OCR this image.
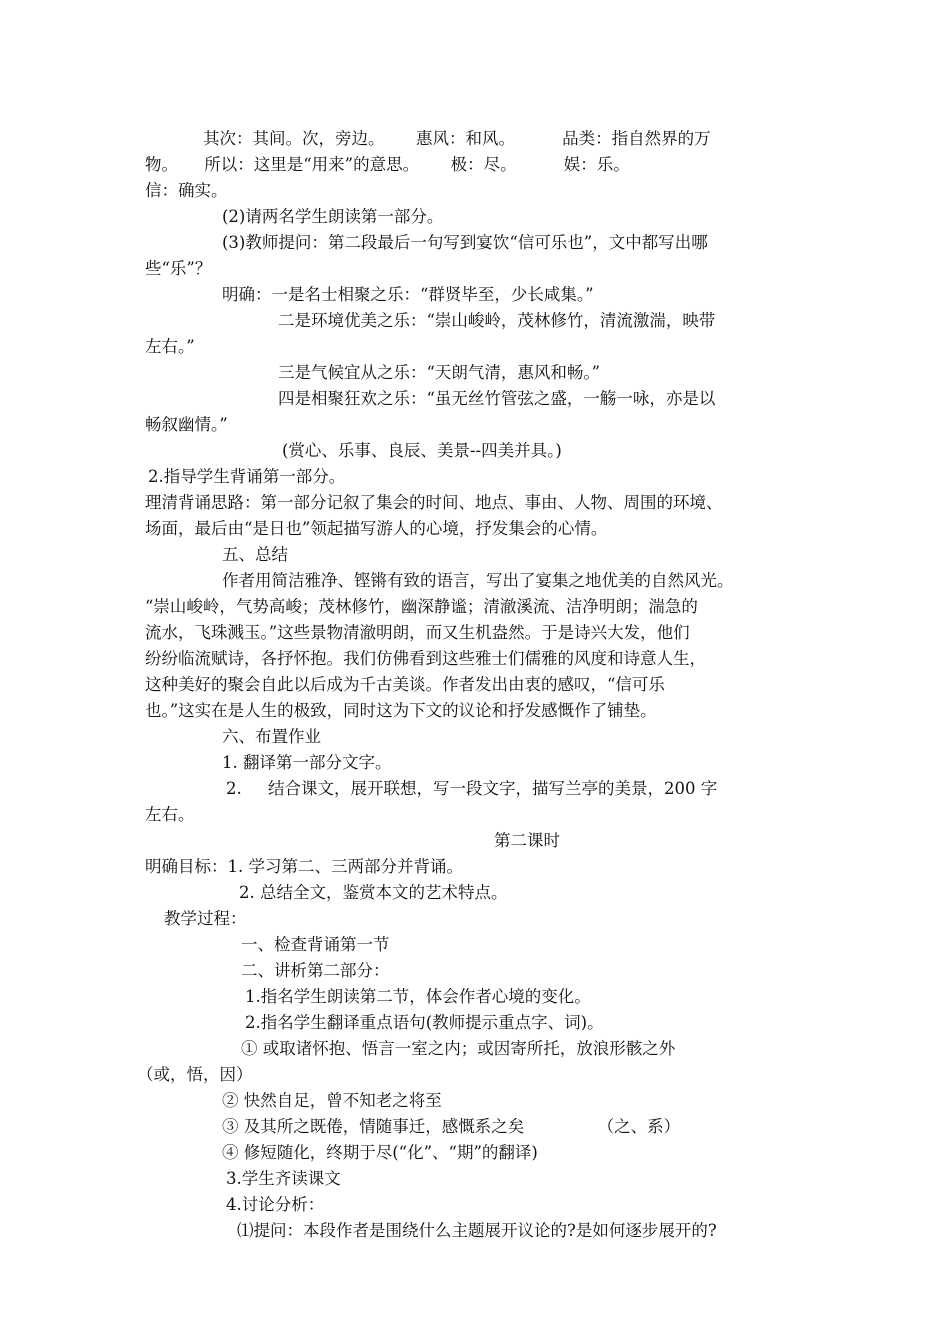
其次：其间。次，旁边。      惠风：和风。         品类：指自然界的万
物。     所以：这里是“用来”的意思。      极：尽。         娱：乐。
信：确实。
(2)请两名学生朗读第一部分。
(3)教师提问：第二段最后一句写到宴饮“信可乐也”，文中都写出哪
些“乐”？
明确：一是名士相聚之乐：“群贤毕至，少长咸集。”
二是环境优美之乐：“崇山峻岭，茂林修竹，清流激湍，映带
左右。”
三是气候宜从之乐：“天朗气清，惠风和畅。”
四是相聚狂欢之乐：“虽无丝竹管弦之盛，一觞一咏，亦是以
畅叙幽情。”
(赏心、乐事、良辰、美景--四美并具。)
2.指导学生背诵第一部分。
理清背诵思路：第一部分记叙了集会的时间、地点、事由、人物、周围的环境、
场面，最后由“是日也”领起描写游人的心境，抒发集会的心情。
五、总结
作者用简洁雅净、铿锵有致的语言，写出了宴集之地优美的自然风光。
“崇山峻岭，气势高峻；茂林修竹，幽深静谧；清澈溪流、洁净明朗；湍急的
流水，飞珠溅玉。”这些景物清澈明朗，而又生机盎然。于是诗兴大发，他们
纷纷临流赋诗，各抒怀抱。我们仿佛看到这些雅士们儒雅的风度和诗意人生，
这种美好的聚会自此以后成为千古美谈。作者发出由衷的感叹，“信可乐
也。”这实在是人生的极致，同时这为下文的议论和抒发感慨作了铺垫。
六、布置作业
1. 翻译第一部分文字。
2.     结合课文，展开联想，写一段文字，描写兰亭的美景，200 字
左右。
第二课时
明确目标：1. 学习第二、三两部分并背诵。
2. 总结全文，鉴赏本文的艺术特点。
教学过程：
一、检查背诵第一节
二、讲析第二部分：
1.指名学生朗读第二节，体会作者心境的变化。
2.指名学生翻译重点语句(教师提示重点字、词)。
① 或取诸怀抱、悟言一室之内；或因寄所托，放浪形骸之外
（或，悟，因）
② 快然自足，曾不知老之将至
③ 及其所之既倦，情随事迁，感慨系之矣              （之、系）
④ 修短随化，终期于尽(“化”、“期”的翻译)
3.学生齐读课文
4.讨论分析：
⑴提问：本段作者是围绕什么主题展开议论的?是如何逐步展开的?
